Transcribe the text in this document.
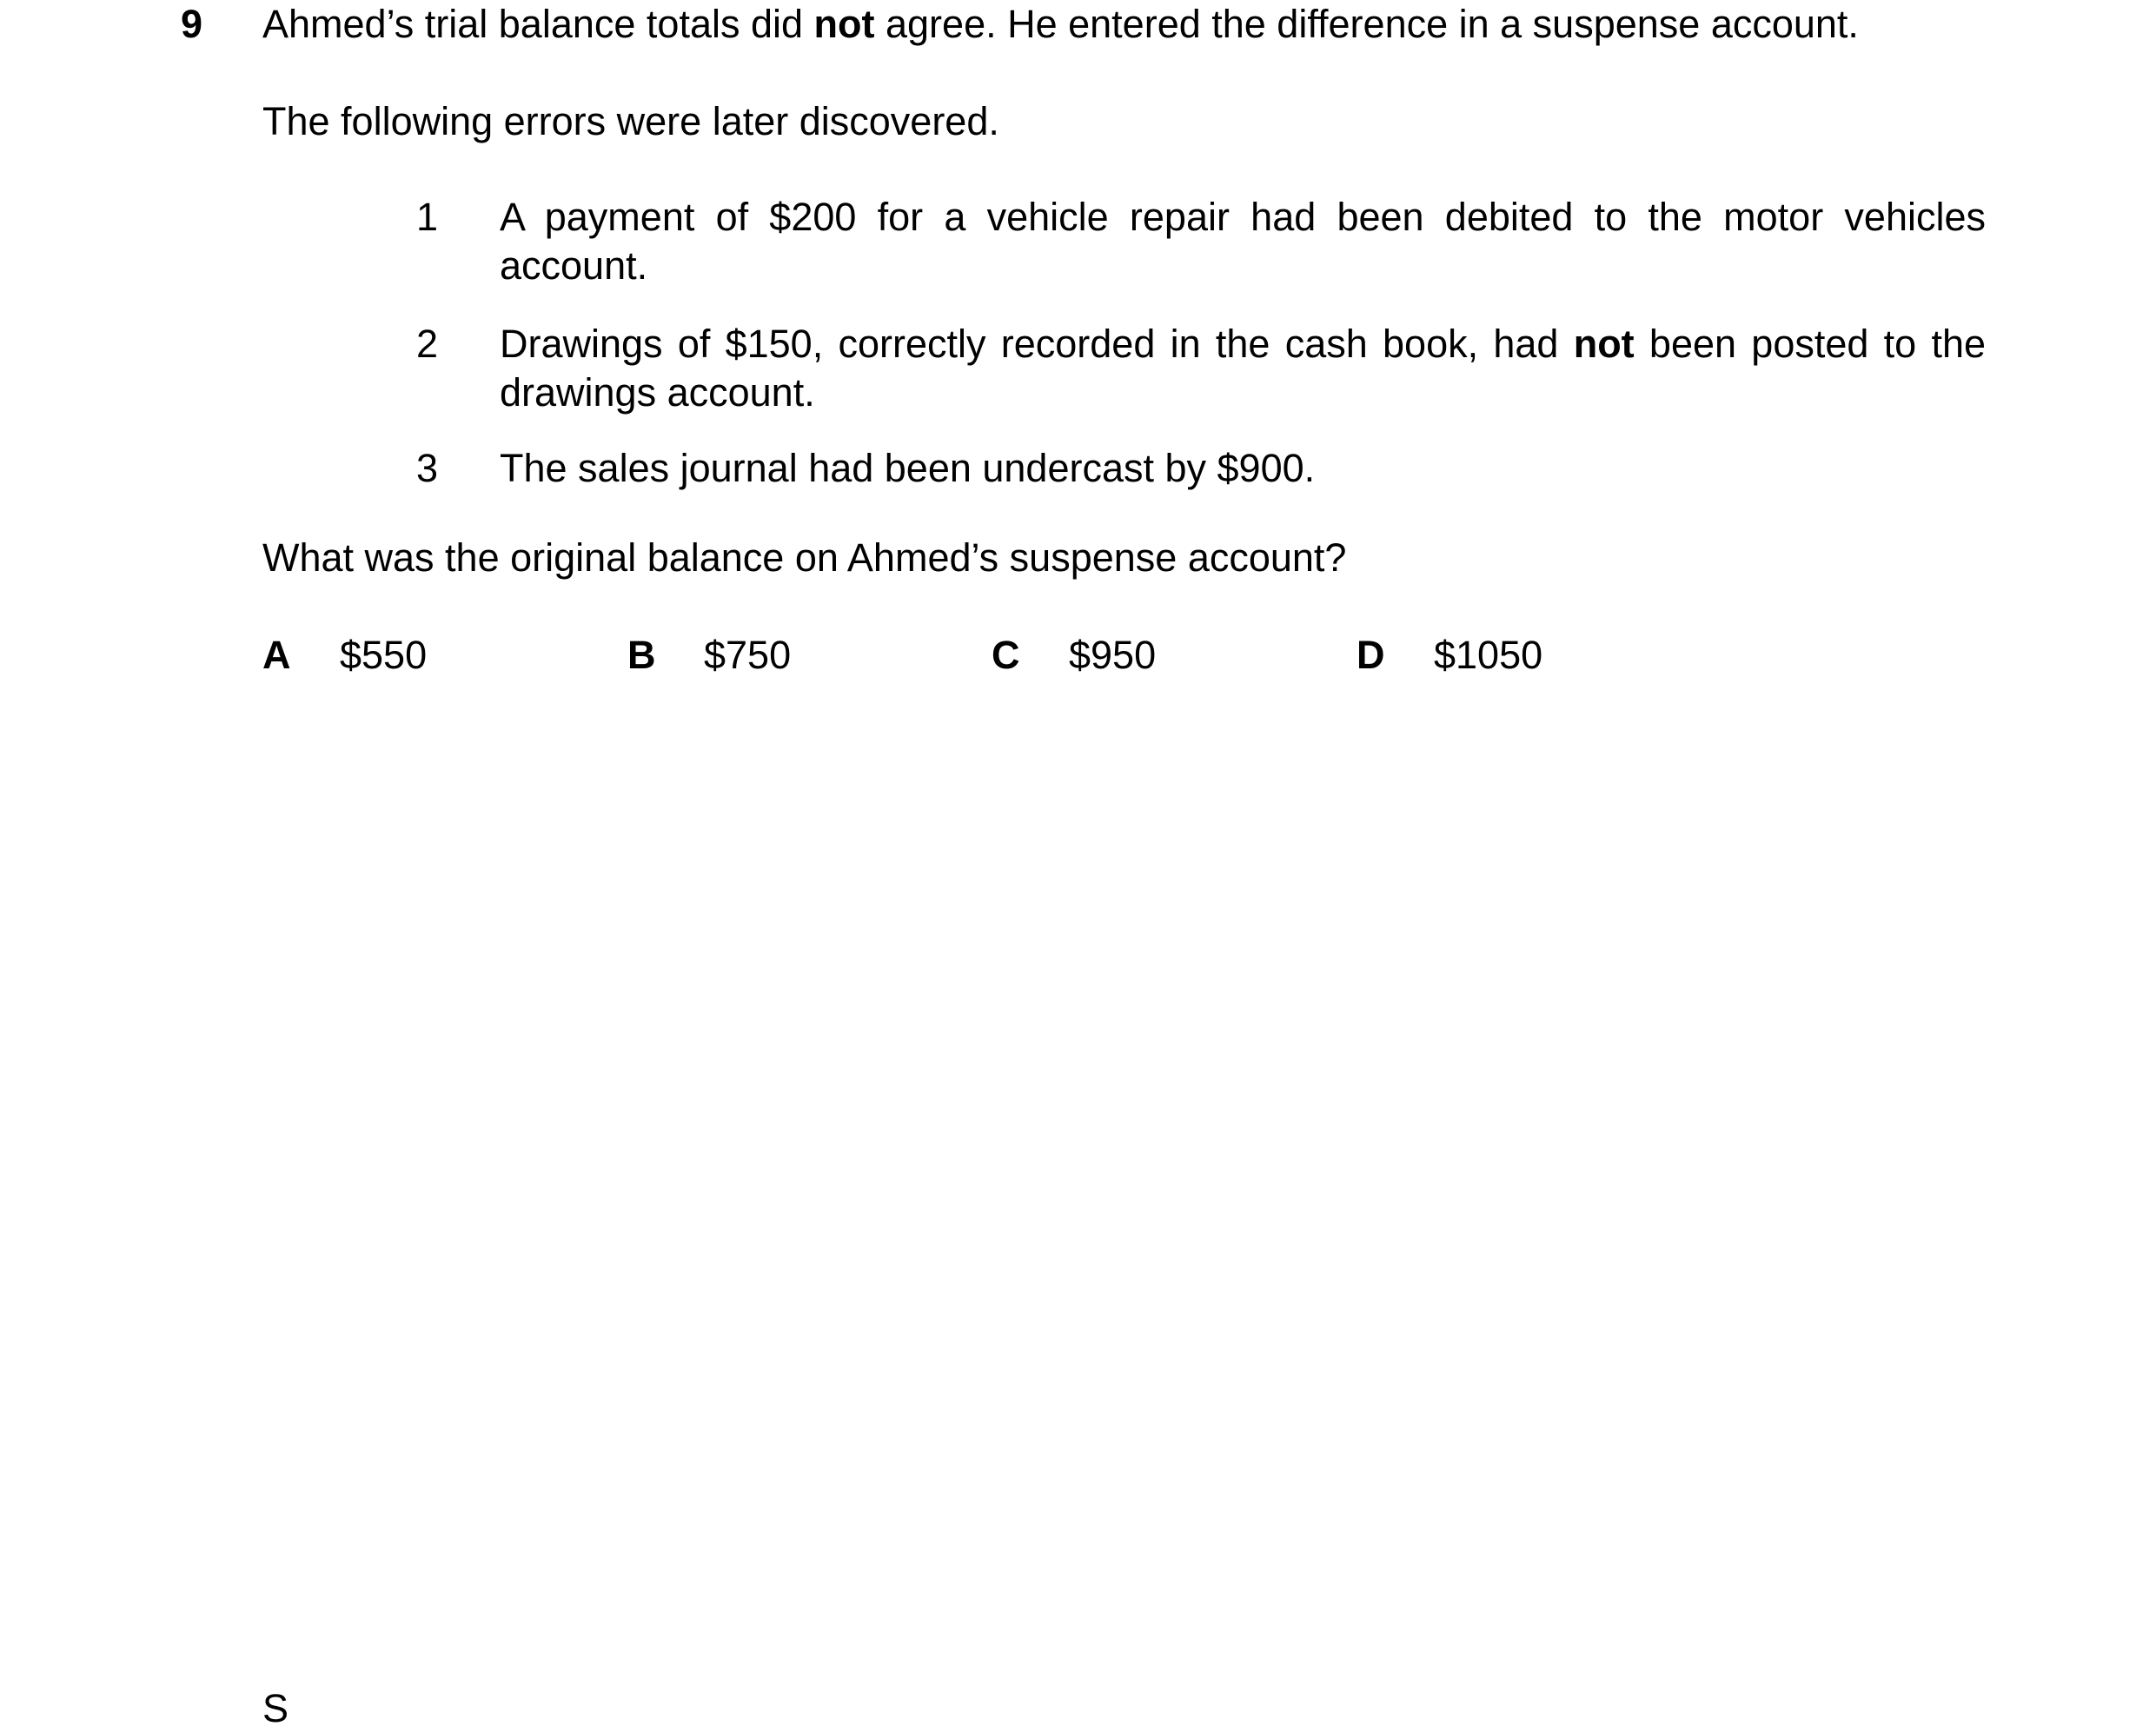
9 Ahmed’s trial balance totals did not agree. He entered the difference in a suspense account.
The following errors were later discovered.
1 A payment of $200 for a vehicle repair had been debited to the motor vehicles account.
2 Drawings of $150, correctly recorded in the cash book, had not been posted to the drawings account.
3 The sales journal had been undercast by $900.
What was the original balance on Ahmed’s suspense account?
A $550	B $750	C $950	D $1050
S
